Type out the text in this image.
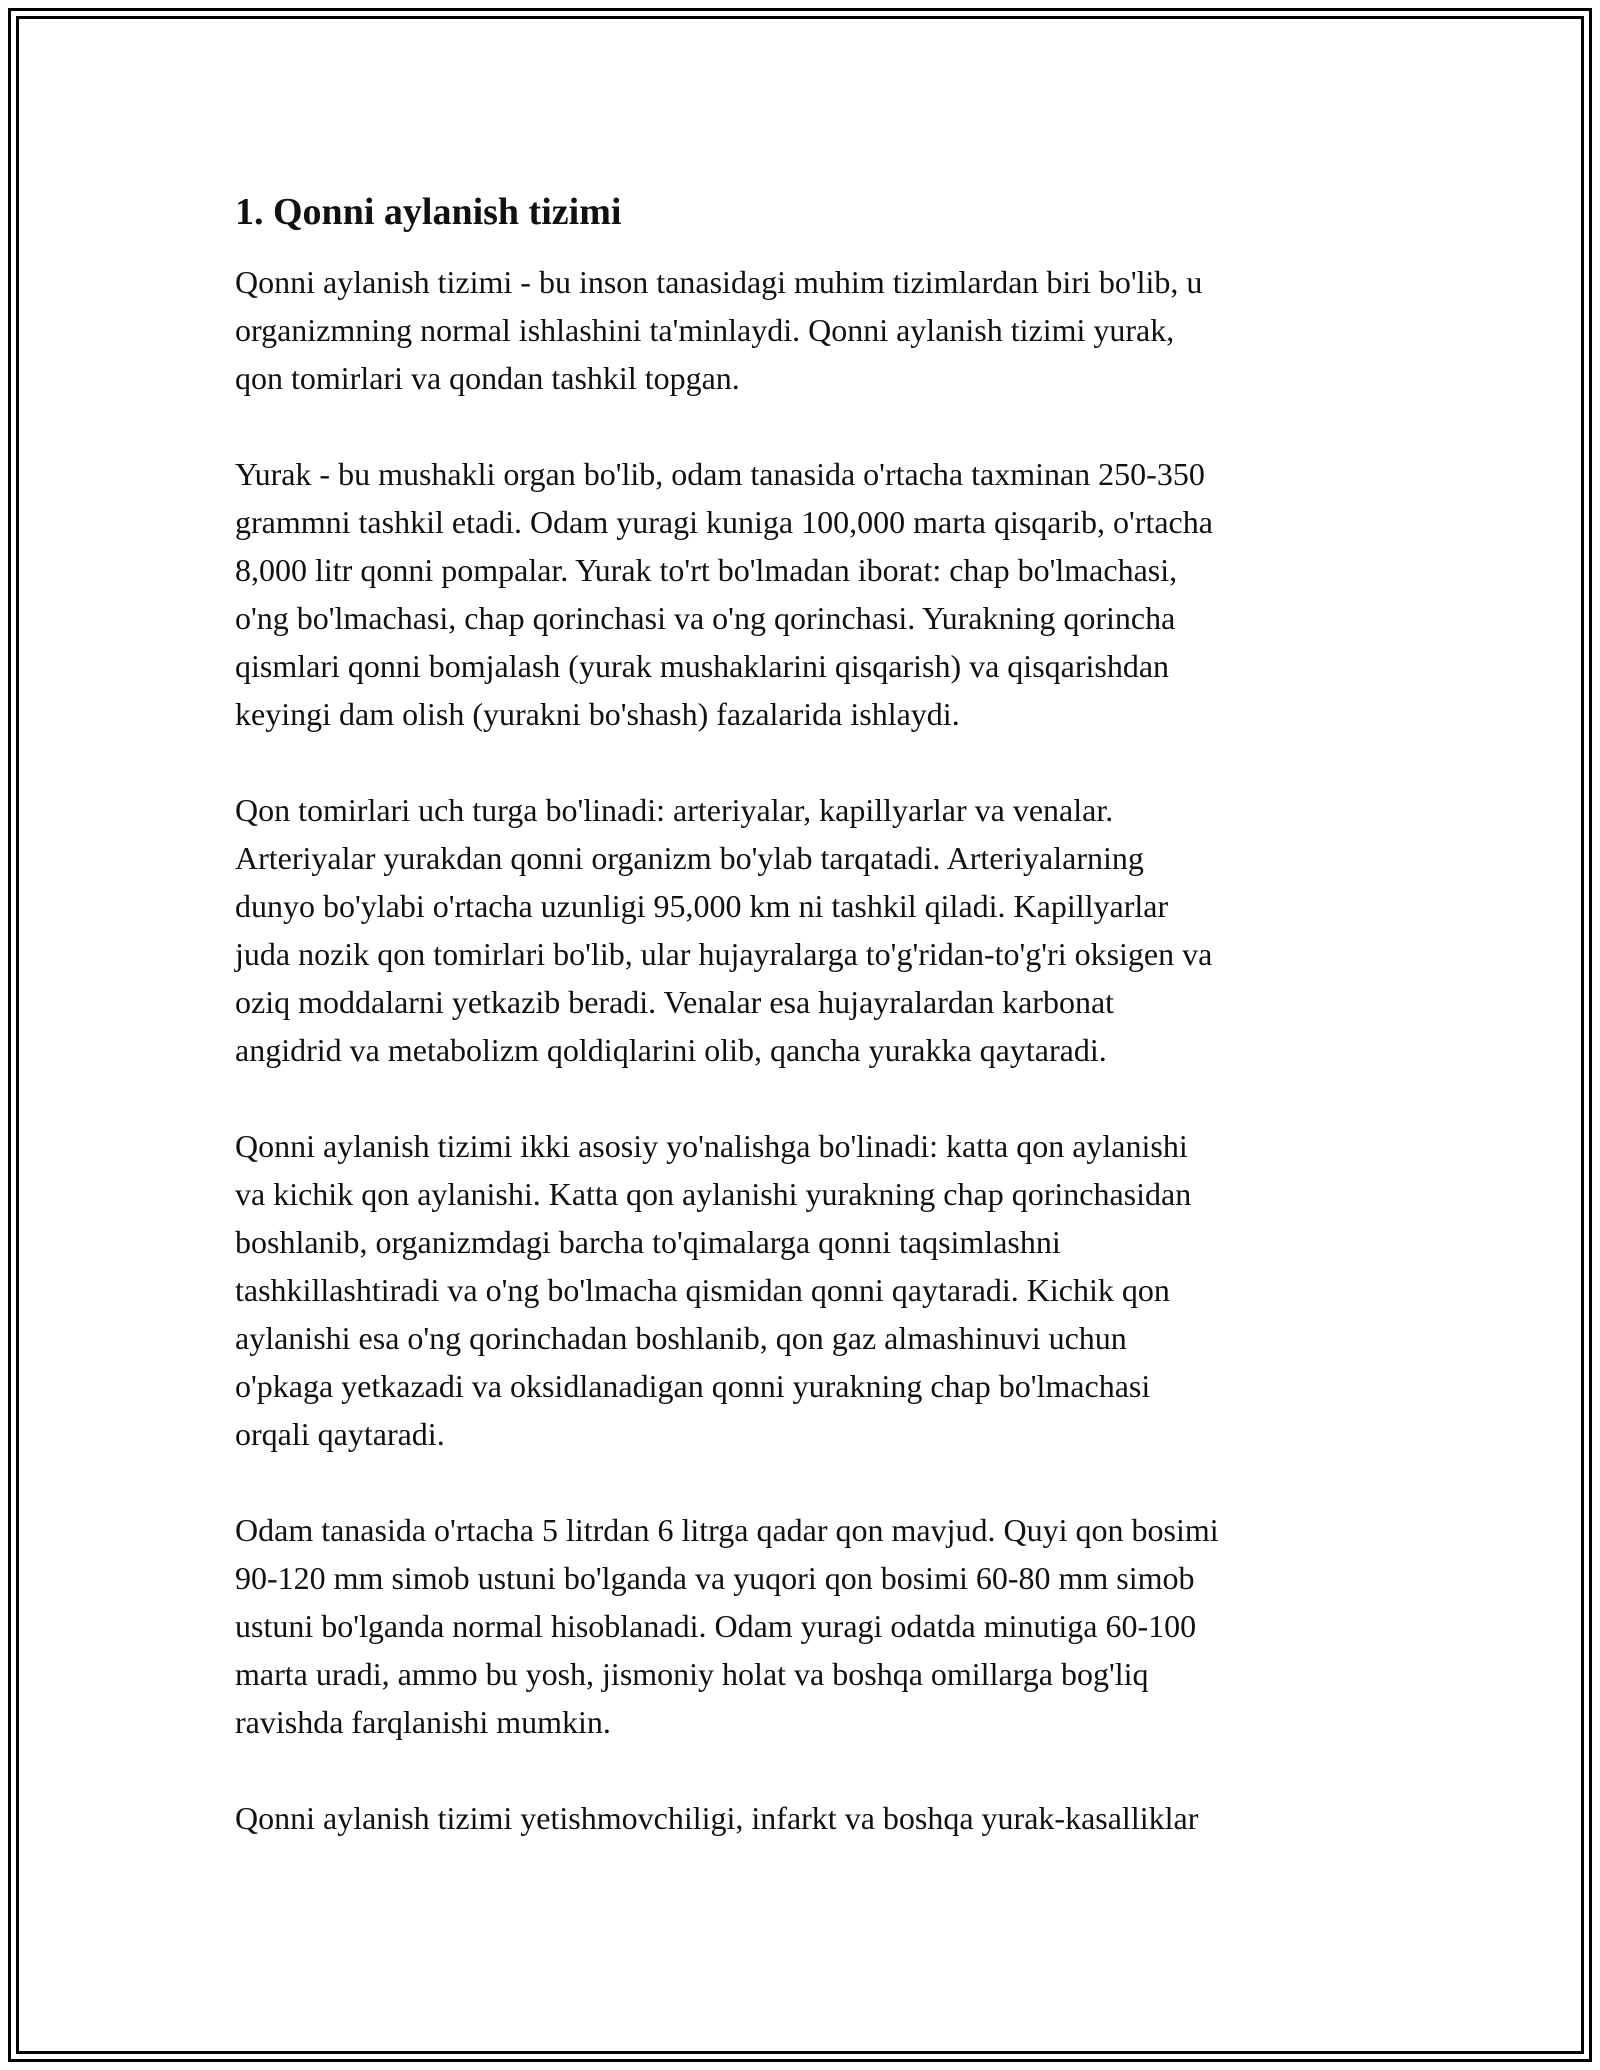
1. Qonni aylanish tizimi

Qonni aylanish tizimi - bu inson tanasidagi muhim tizimlardan biri bo'lib, u
organizmning normal ishlashini ta'minlaydi. Qonni aylanish tizimi yurak,
qon tomirlari va qondan tashkil topgan.

Yurak - bu mushakli organ bo'lib, odam tanasida o'rtacha taxminan 250-350
grammni tashkil etadi. Odam yuragi kuniga 100,000 marta qisqarib, o'rtacha
8,000 litr qonni pompalar. Yurak to'rt bo'lmadan iborat: chap bo'lmachasi,
o'ng bo'lmachasi, chap qorinchasi va o'ng qorinchasi. Yurakning qorincha
qismlari qonni bomjalash (yurak mushaklarini qisqarish) va qisqarishdan
keyingi dam olish (yurakni bo'shash) fazalarida ishlaydi.

Qon tomirlari uch turga bo'linadi: arteriyalar, kapillyarlar va venalar.
Arteriyalar yurakdan qonni organizm bo'ylab tarqatadi. Arteriyalarning
dunyo bo'ylabi o'rtacha uzunligi 95,000 km ni tashkil qiladi. Kapillyarlar
juda nozik qon tomirlari bo'lib, ular hujayralarga to'g'ridan-to'g'ri oksigen va
oziq moddalarni yetkazib beradi. Venalar esa hujayralardan karbonat
angidrid va metabolizm qoldiqlarini olib, qancha yurakka qaytaradi.

Qonni aylanish tizimi ikki asosiy yo'nalishga bo'linadi: katta qon aylanishi
va kichik qon aylanishi. Katta qon aylanishi yurakning chap qorinchasidan
boshlanib, organizmdagi barcha to'qimalarga qonni taqsimlashni
tashkillashtiradi va o'ng bo'lmacha qismidan qonni qaytaradi. Kichik qon
aylanishi esa o'ng qorinchadan boshlanib, qon gaz almashinuvi uchun
o'pkaga yetkazadi va oksidlanadigan qonni yurakning chap bo'lmachasi
orqali qaytaradi.

Odam tanasida o'rtacha 5 litrdan 6 litrga qadar qon mavjud. Quyi qon bosimi
90-120 mm simob ustuni bo'lganda va yuqori qon bosimi 60-80 mm simob
ustuni bo'lganda normal hisoblanadi. Odam yuragi odatda minutiga 60-100
marta uradi, ammo bu yosh, jismoniy holat va boshqa omillarga bog'liq
ravishda farqlanishi mumkin.

Qonni aylanish tizimi yetishmovchiligi, infarkt va boshqa yurak-kasalliklar
